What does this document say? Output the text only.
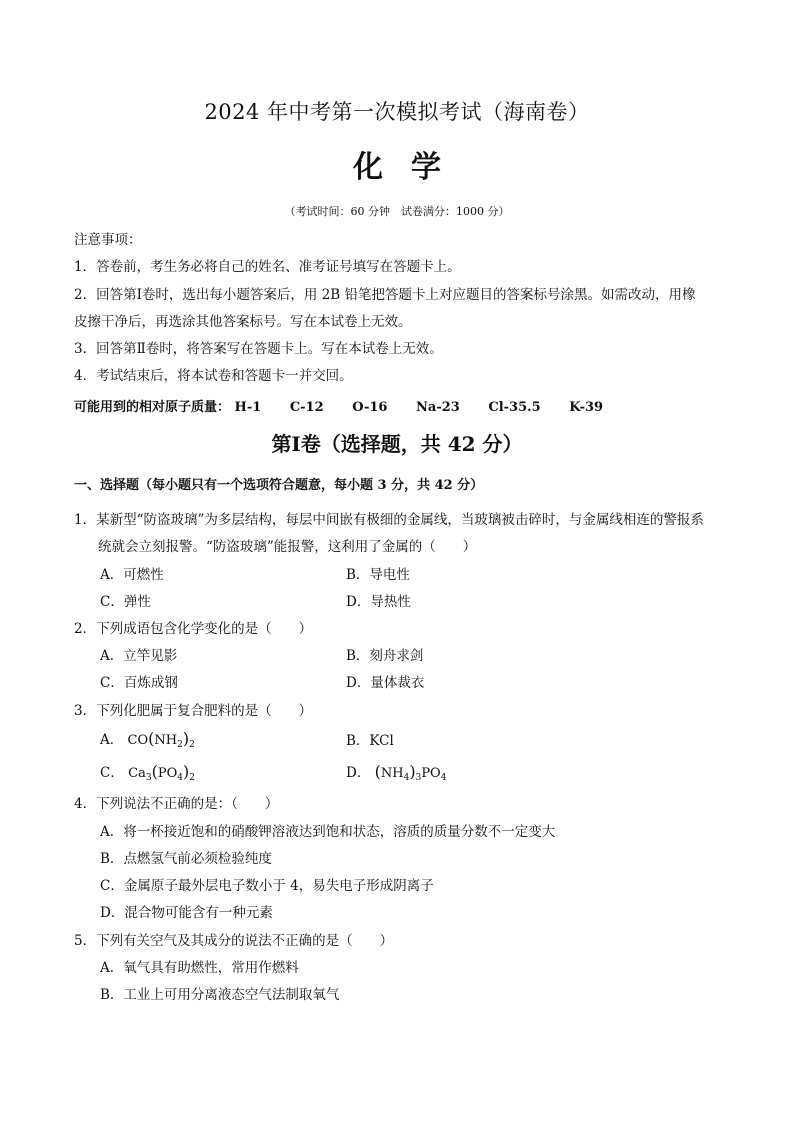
2024 年中考第一次模拟考试（海南卷）
化学
（考试时间：60 分钟　试卷满分：1000 分）
注意事项：
1．答卷前，考生务必将自己的姓名、准考证号填写在答题卡上。
2．回答第Ⅰ卷时，选出每小题答案后，用 2B 铅笔把答题卡上对应题目的答案标号涂黑。如需改动，用橡
皮擦干净后，再选涂其他答案标号。写在本试卷上无效。
3．回答第Ⅱ卷时，将答案写在答题卡上。写在本试卷上无效。
4．考试结束后，将本试卷和答题卡一并交回。
可能用到的相对原子质量： H-1 C-12 O-16 Na-23 Cl-35.5 K-39
第Ⅰ卷（选择题，共 42 分）
一、选择题（每小题只有一个选项符合题意，每小题 3 分，共 42 分）
1．某新型“防盗玻璃”为多层结构，每层中间嵌有极细的金属线，当玻璃被击碎时，与金属线相连的警报系
统就会立刻报警。“防盗玻璃”能报警，这利用了金属的（　　）
A．可燃性	B．导电性
C．弹性	D．导热性
2．下列成语包含化学变化的是（　　）
A．立竿见影	B．刻舟求剑
C．百炼成钢	D．量体裁衣
3．下列化肥属于复合肥料的是（　　）
A． $CO(NH_2)_2$	B．KCl
C． $Ca_3(PO_4)_2$	D． $(NH_4)_3PO_4$
4．下列说法不正确的是：（　　）
A．将一杯接近饱和的硝酸钾溶液达到饱和状态，溶质的质量分数不一定变大
B．点燃氢气前必须检验纯度
C．金属原子最外层电子数小于 4，易失电子形成阴离子
D．混合物可能含有一种元素
5．下列有关空气及其成分的说法不正确的是（　　）
A．氧气具有助燃性，常用作燃料
B．工业上可用分离液态空气法制取氧气
